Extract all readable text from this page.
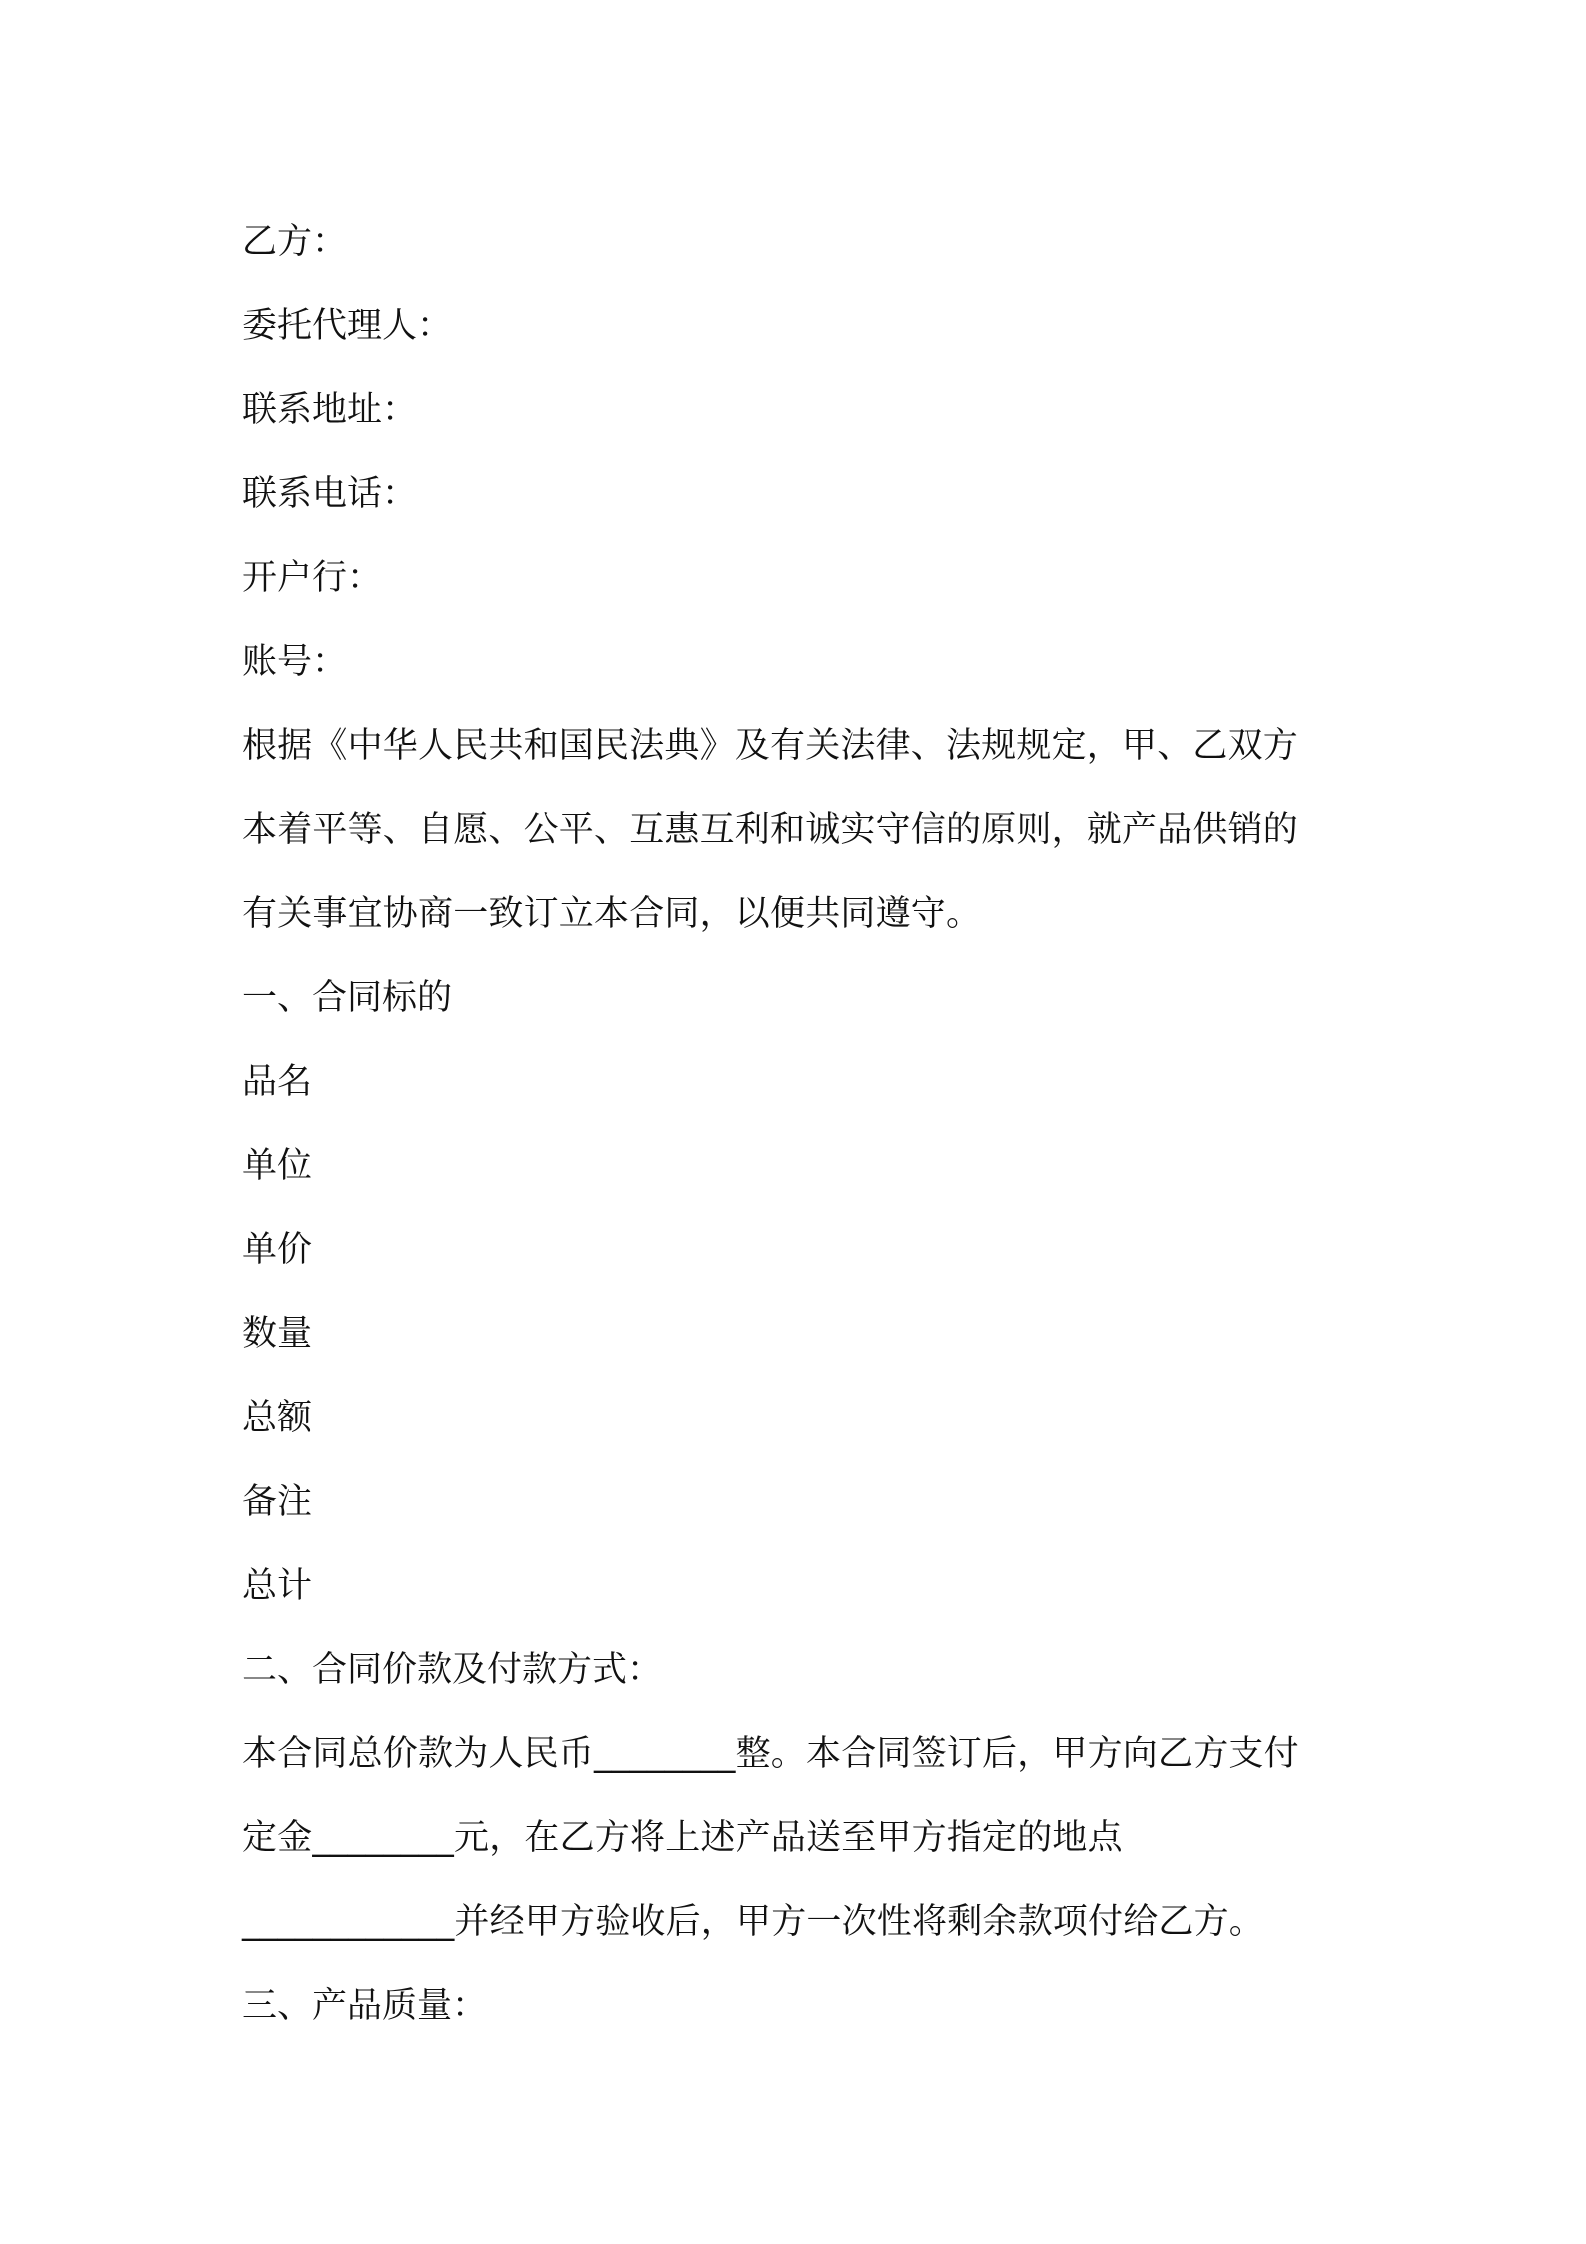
乙方：

委托代理人：

联系地址：

联系电话：

开户行：

账号：

根据《中华人民共和国民法典》及有关法律、法规规定，甲、乙双方

本着平等、自愿、公平、互惠互利和诚实守信的原则，就产品供销的

有关事宜协商一致订立本合同，以便共同遵守。

一、合同标的

品名

单位

单价

数量

总额

备注

总计

二、合同价款及付款方式：

本合同总价款为人民币________整。本合同签订后，甲方向乙方支付

定金________元，在乙方将上述产品送至甲方指定的地点

____________并经甲方验收后，甲方一次性将剩余款项付给乙方。

三、产品质量：
